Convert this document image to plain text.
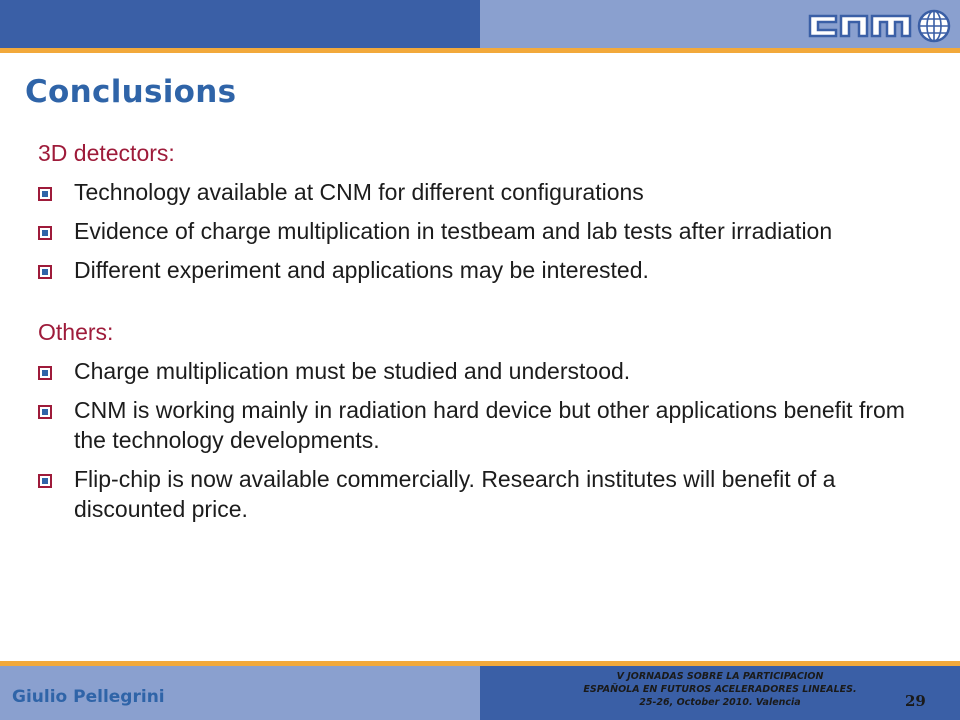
Conclusions
3D detectors:
Technology available at CNM for different configurations
Evidence of charge multiplication in testbeam and lab tests after irradiation
Different experiment and applications may be interested.
Others:
Charge multiplication must be studied and understood.
CNM is working mainly in radiation hard device but other applications benefit from the technology developments.
Flip-chip is now available commercially. Research institutes will benefit of a discounted price.
Giulio Pellegrini
V JORNADAS SOBRE LA PARTICIPACION
ESPAÑOLA EN FUTUROS ACELERADORES LINEALES.
25-26, October 2010. Valencia	29
